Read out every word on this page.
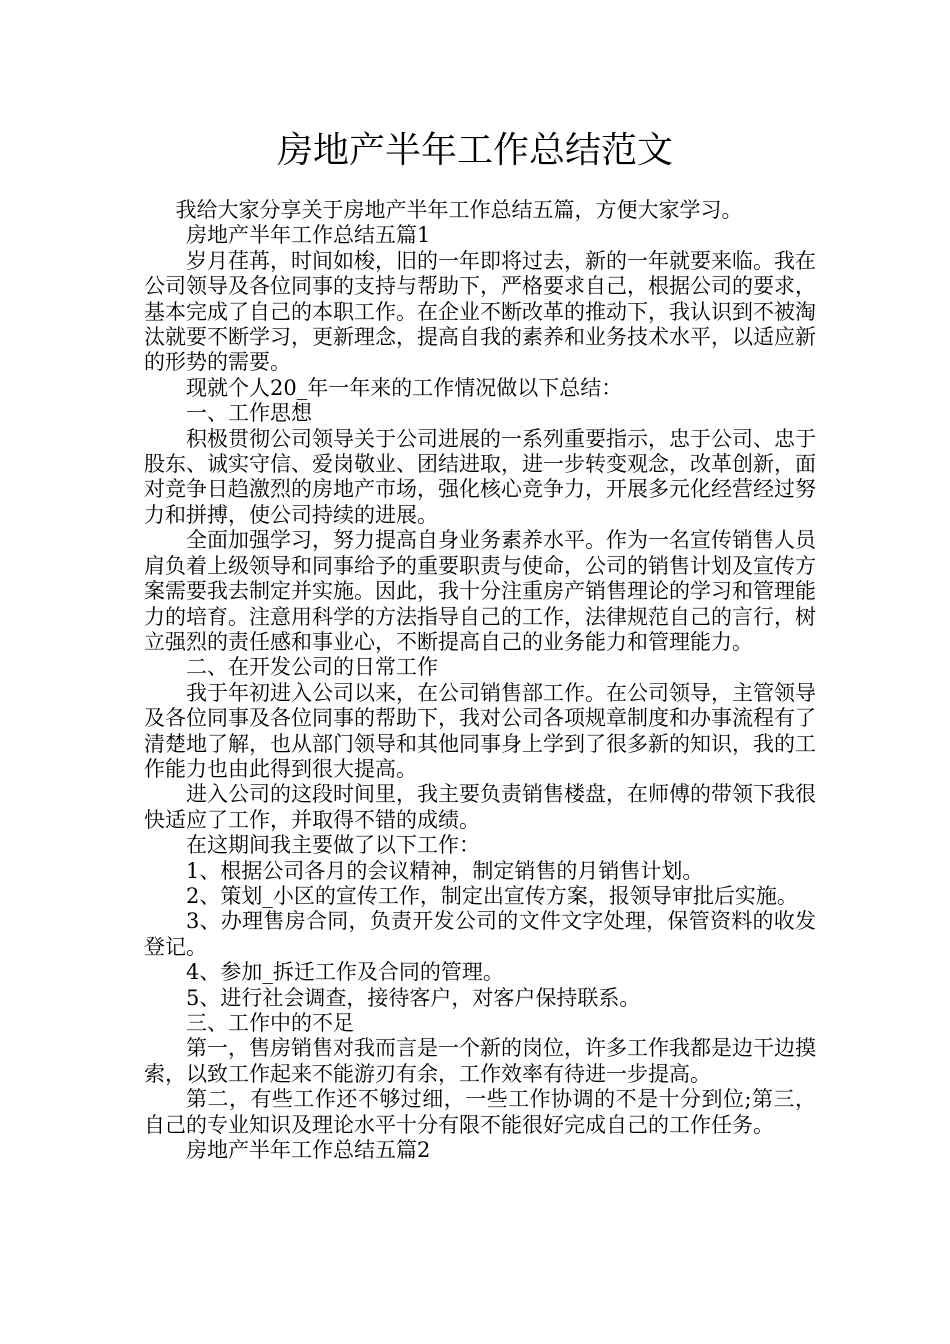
房地产半年工作总结范文

我给大家分享关于房地产半年工作总结五篇，方便大家学习。

房地产半年工作总结五篇1

岁月荏苒，时间如梭，旧的一年即将过去，新的一年就要来临。我在公司领导及各位同事的支持与帮助下，严格要求自己，根据公司的要求，基本完成了自己的本职工作。在企业不断改革的推动下，我认识到不被淘汰就要不断学习，更新理念，提高自我的素养和业务技术水平，以适应新的形势的需要。

现就个人20_年一年来的工作情况做以下总结：

一、工作思想

积极贯彻公司领导关于公司进展的一系列重要指示，忠于公司、忠于股东、诚实守信、爱岗敬业、团结进取，进一步转变观念，改革创新，面对竞争日趋激烈的房地产市场，强化核心竞争力，开展多元化经营经过努力和拼搏，使公司持续的进展。

全面加强学习，努力提高自身业务素养水平。作为一名宣传销售人员肩负着上级领导和同事给予的重要职责与使命，公司的销售计划及宣传方案需要我去制定并实施。因此，我十分注重房产销售理论的学习和管理能力的培育。注意用科学的方法指导自己的工作，法律规范自己的言行，树立强烈的责任感和事业心，不断提高自己的业务能力和管理能力。

二、在开发公司的日常工作

我于年初进入公司以来，在公司销售部工作。在公司领导，主管领导及各位同事及各位同事的帮助下，我对公司各项规章制度和办事流程有了清楚地了解，也从部门领导和其他同事身上学到了很多新的知识，我的工作能力也由此得到很大提高。

进入公司的这段时间里，我主要负责销售楼盘，在师傅的带领下我很快适应了工作，并取得不错的成绩。

在这期间我主要做了以下工作：

1、根据公司各月的会议精神，制定销售的月销售计划。

2、策划_小区的宣传工作，制定出宣传方案，报领导审批后实施。

3、办理售房合同，负责开发公司的文件文字处理，保管资料的收发登记。

4、参加_拆迁工作及合同的管理。

5、进行社会调查，接待客户，对客户保持联系。

三、工作中的不足

第一，售房销售对我而言是一个新的岗位，许多工作我都是边干边摸索，以致工作起来不能游刃有余，工作效率有待进一步提高。

第二，有些工作还不够过细，一些工作协调的不是十分到位;第三，自己的专业知识及理论水平十分有限不能很好完成自己的工作任务。

房地产半年工作总结五篇2
